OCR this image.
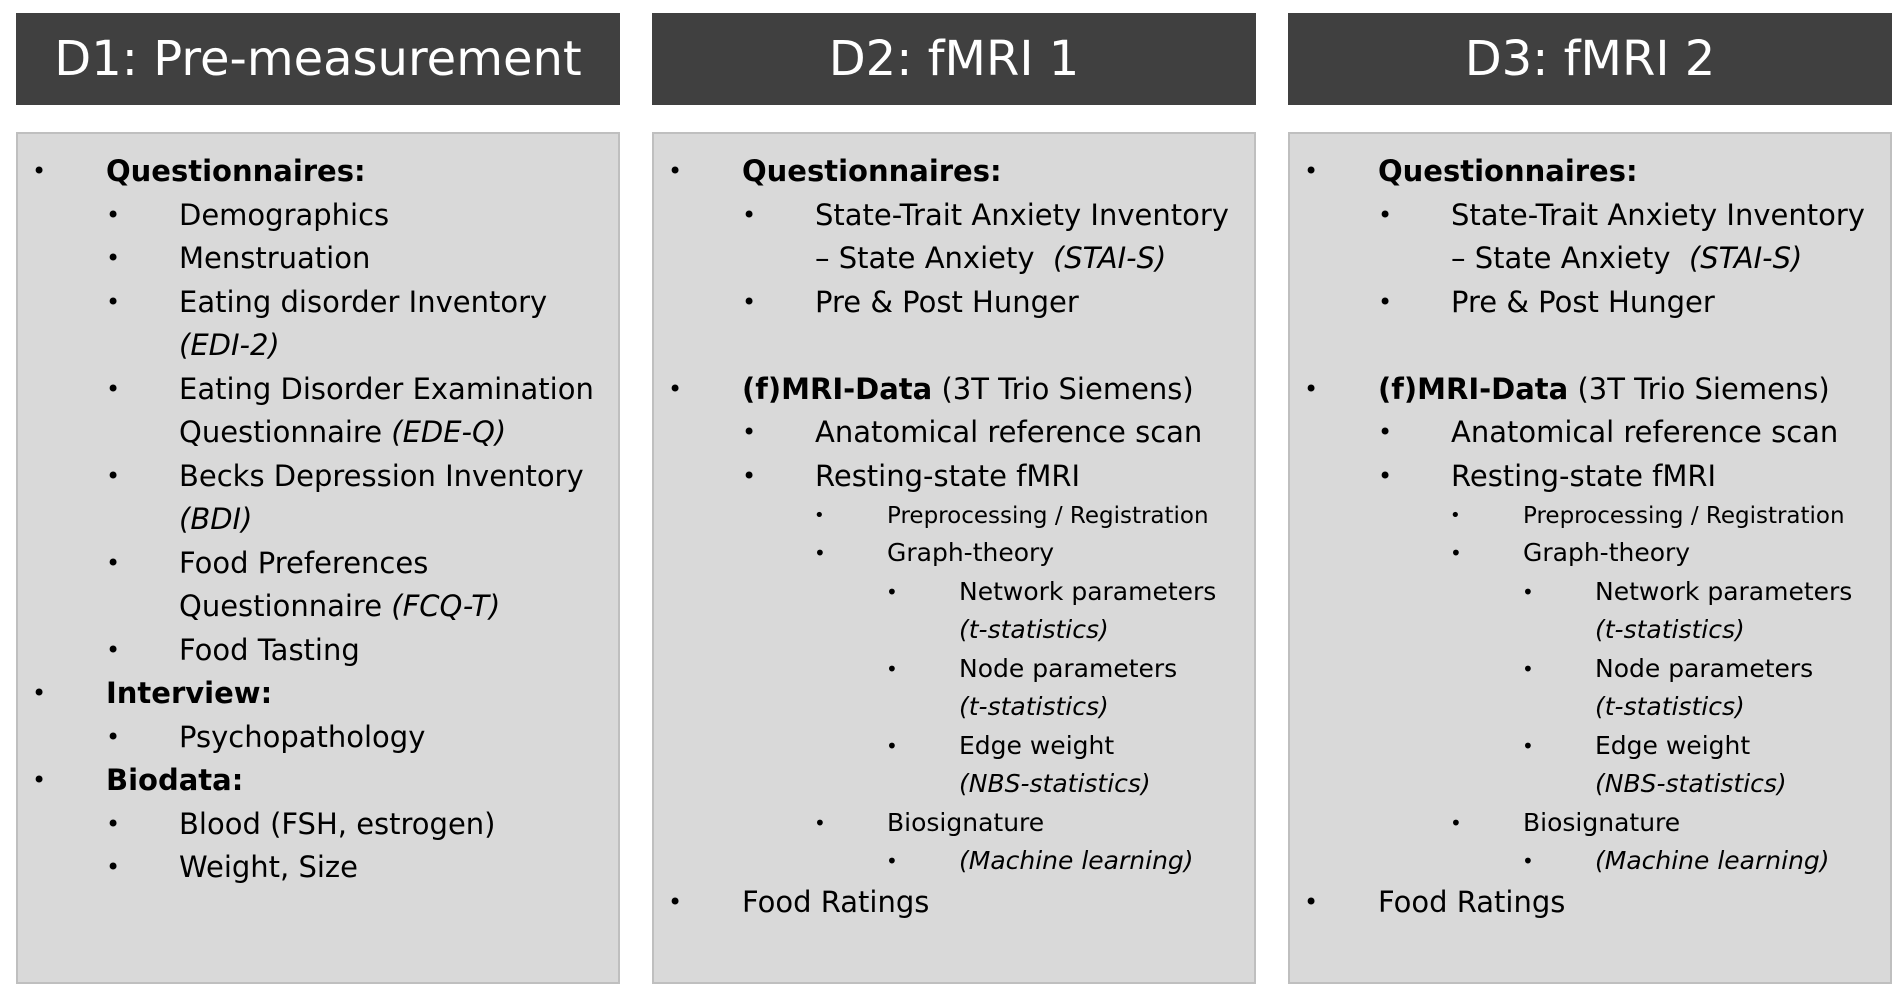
D1: Pre-measurement
• Questionnaires:
• Demographics
• Menstruation
• Eating disorder Inventory
(EDI-2)
• Eating Disorder Examination
Questionnaire (EDE-Q)
• Becks Depression Inventory
(BDI)
• Food Preferences
Questionnaire (FCQ-T)
• Food Tasting
• Interview:
• Psychopathology
• Biodata:
• Blood (FSH, estrogen)
• Weight, Size
D2: fMRI 1
• Questionnaires:
• State-Trait Anxiety Inventory
– State Anxiety (STAI-S)
• Pre & Post Hunger
• (f)MRI-Data (3T Trio Siemens)
• Anatomical reference scan
• Resting-state fMRI
•	Preprocessing / Registration
• Graph-theory
• Network parameters
(t-statistics)
• Node parameters
(t-statistics)
• Edge weight
(NBS-statistics)
• Biosignature
• (Machine learning)
• Food Ratings
D3: fMRI 2
• Questionnaires:
• State-Trait Anxiety Inventory
– State Anxiety (STAI-S)
• Pre & Post Hunger
• (f)MRI-Data (3T Trio Siemens)
• Anatomical reference scan
• Resting-state fMRI
•	Preprocessing / Registration
• Graph-theory
• Network parameters
(t-statistics)
• Node parameters
(t-statistics)
• Edge weight
(NBS-statistics)
• Biosignature
• (Machine learning)
• Food Ratings
